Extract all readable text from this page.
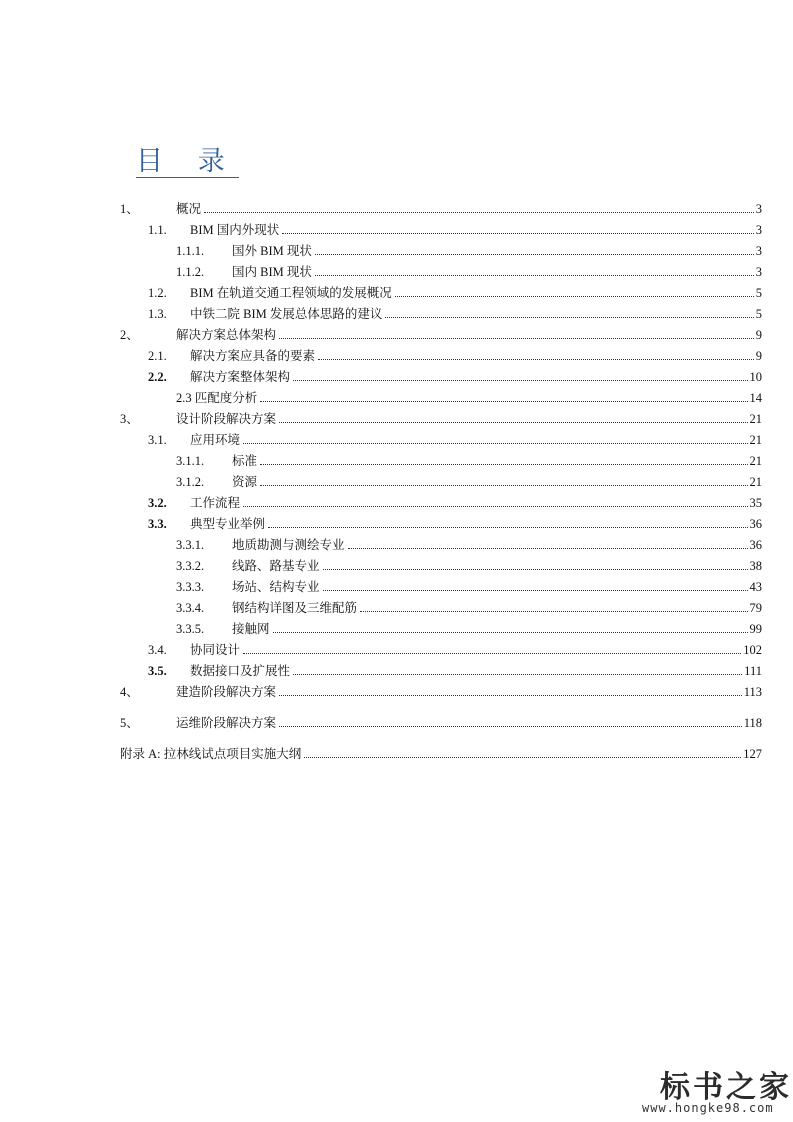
目 录
1、	概况	3
1.1. BIM 国内外现状	3
1.1.1. 国外 BIM 现状	3
1.1.2. 国内 BIM 现状	3
1.2. BIM 在轨道交通工程领域的发展概况	5
1.3. 中铁二院 BIM 发展总体思路的建议	5
2、	解决方案总体架构	9
2.1. 解决方案应具备的要素	9
2.2. 解决方案整体架构	10
2.3 匹配度分析	14
3、	设计阶段解决方案	21
3.1. 应用环境	21
3.1.1. 标准	21
3.1.2. 资源	21
3.2. 工作流程	35
3.3. 典型专业举例	36
3.3.1. 地质勘测与测绘专业	36
3.3.2. 线路、路基专业	38
3.3.3. 场站、结构专业	43
3.3.4. 钢结构详图及三维配筋	79
3.3.5. 接触网	99
3.4. 协同设计	102
3.5. 数据接口及扩展性	111
4、	建造阶段解决方案	113
5、	运维阶段解决方案	118
附录 A: 拉林线试点项目实施大纲	127
标书之家
www.hongke98.com
